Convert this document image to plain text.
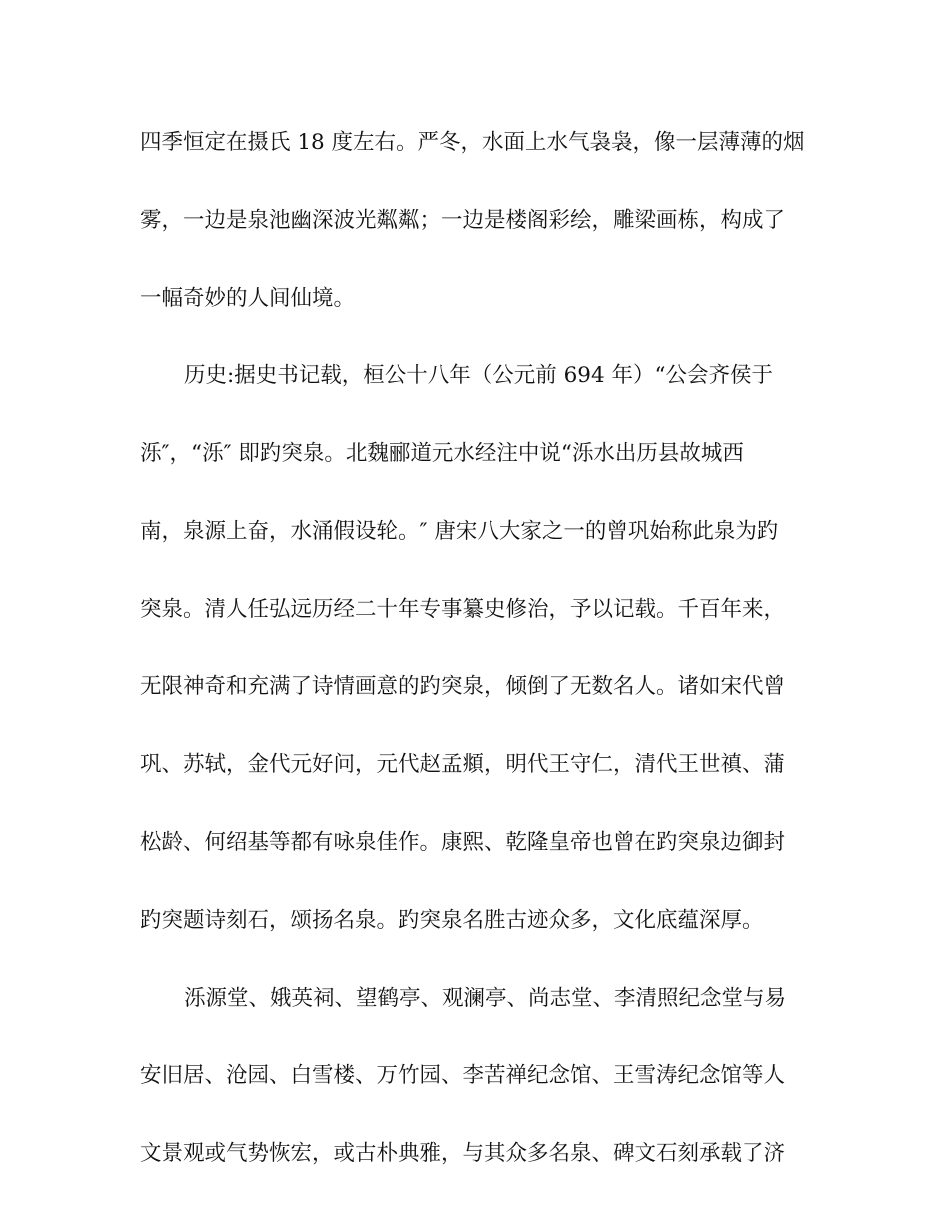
四季恒定在摄氏 18 度左右。严冬，水面上水气袅袅，像一层薄薄的烟
雾，一边是泉池幽深波光粼粼；一边是楼阁彩绘，雕梁画栋，构成了
一幅奇妙的人间仙境。
历史:据史书记载，桓公十八年（公元前 694 年）“公会齐侯于
泺″，“泺″ 即趵突泉。北魏郦道元水经注中说“泺水出历县故城西
南，泉源上奋，水涌假设轮。″ 唐宋八大家之一的曾巩始称此泉为趵
突泉。清人任弘远历经二十年专事纂史修治，予以记载。千百年来，
无限神奇和充满了诗情画意的趵突泉，倾倒了无数名人。诸如宋代曾
巩、苏轼，金代元好问，元代赵孟頫，明代王守仁，清代王世禛、蒲
松龄、何绍基等都有咏泉佳作。康熙、乾隆皇帝也曾在趵突泉边御封
趵突题诗刻石，颂扬名泉。趵突泉名胜古迹众多，文化底蕴深厚。
泺源堂、娥英祠、望鹤亭、观澜亭、尚志堂、李清照纪念堂与易
安旧居、沧园、白雪楼、万竹园、李苦禅纪念馆、王雪涛纪念馆等人
文景观或气势恢宏，或古朴典雅，与其众多名泉、碑文石刻承载了济
